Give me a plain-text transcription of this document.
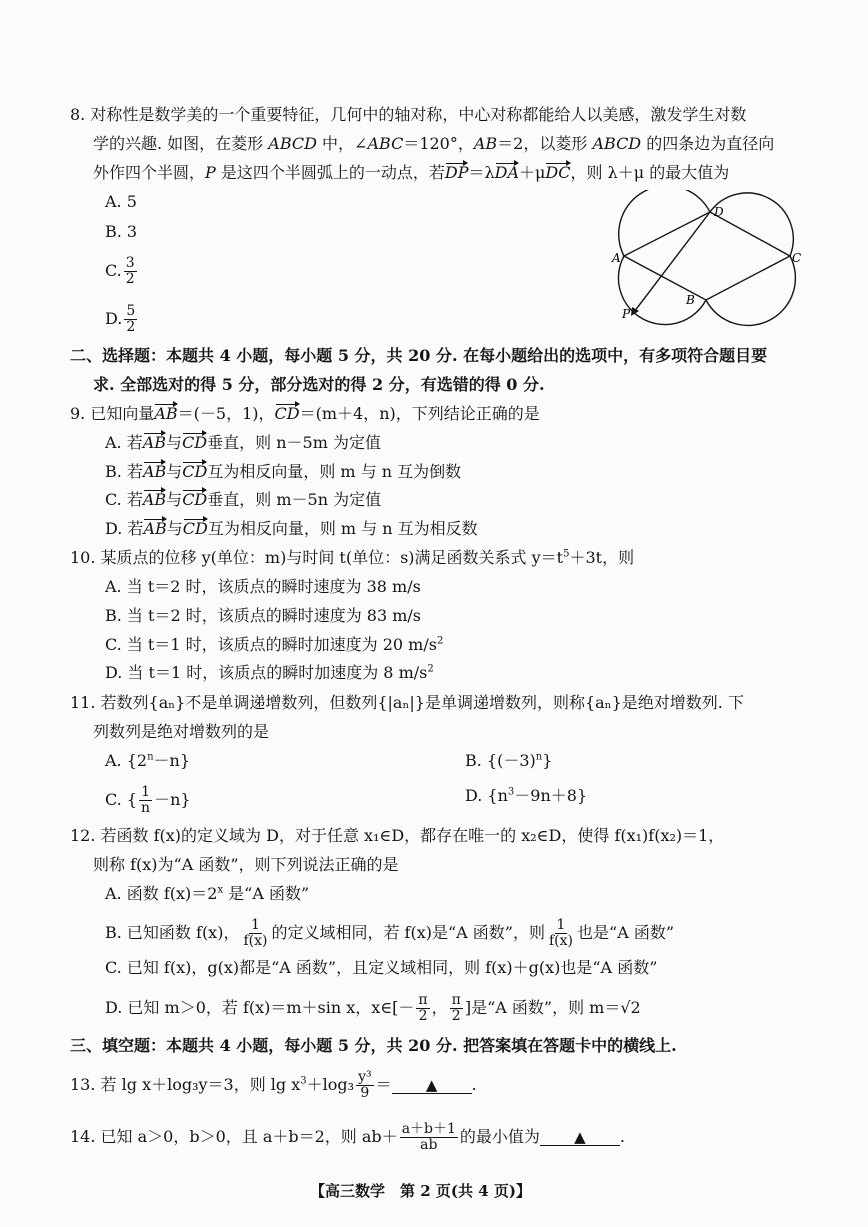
8. 对称性是数学美的一个重要特征，几何中的轴对称，中心对称都能给人以美感，激发学生对数
学的兴趣. 如图，在菱形 ABCD 中，∠ABC＝120°，AB＝2，以菱形 ABCD 的四条边为直径向
外作四个半圆，P 是这四个半圆弧上的一动点，若DP＝λDA＋μDC，则 λ＋μ 的最大值为
A. 5
B. 3
C. $\frac{3}{2}$
D. $\frac{5}{2}$
A
D
C
B
P
二、选择题：本题共 4 小题，每小题 5 分，共 20 分. 在每小题给出的选项中，有多项符合题目要
求. 全部选对的得 5 分，部分选对的得 2 分，有选错的得 0 分.
9. 已知向量AB＝(－5，1)，CD＝(m＋4，n)，下列结论正确的是
A. 若AB与CD垂直，则 n－5m 为定值
B. 若AB与CD互为相反向量，则 m 与 n 互为倒数
C. 若AB与CD垂直，则 m－5n 为定值
D. 若AB与CD互为相反向量，则 m 与 n 互为相反数
10. 某质点的位移 y(单位：m)与时间 t(单位：s)满足函数关系式 $y=t^5+3t$，则
A. 当 t＝2 时，该质点的瞬时速度为 38 m/s
B. 当 t＝2 时，该质点的瞬时速度为 83 m/s
C. 当 t＝1 时，该质点的瞬时加速度为 20 $m/s^2$
D. 当 t＝1 时，该质点的瞬时加速度为 8 $m/s^2$
11. 若数列{aₙ}不是单调递增数列，但数列{|aₙ|}是单调递增数列，则称{aₙ}是绝对增数列. 下
列数列是绝对增数列的是
A. $\{2^n-n\}$	B. $\{(-3)^n\}$
C. { $\frac{1}{n} -n$}	D. $\{n^3-9n+8\}$
12. 若函数 f(x)的定义域为 D，对于任意 x₁∈D，都存在唯一的 x₂∈D，使得 f(x₁)f(x₂)＝1，
则称 f(x)为“A 函数”，则下列说法正确的是
A. 函数 $f(x)=2^x$ 是“A 函数”
B. 已知函数 f(x)， $\frac{1}{f(x)}$ 的定义域相同，若 f(x)是“A 函数”，则 $\frac{1}{f(x)}$ 也是“A 函数”
C. 已知 f(x)，g(x)都是“A 函数”，且定义域相同，则 f(x)＋g(x)也是“A 函数”
D. 已知 m＞0，若 f(x)＝m＋sin x，x∈[－ $\frac{\pi}{2}$ ， $\frac{\pi}{2}$ ]是“A 函数”，则 m＝√2
三、填空题：本题共 4 小题，每小题 5 分，共 20 分. 把答案填在答题卡中的横线上.
13. 若 lg x＋log₃y＝3，则 $\lg x^3+\log_3 \frac{\text{y³}}{9}$ ＝ ▲ .
14. 已知 a＞0，b＞0，且 a＋b＝2，则 $ab+ \frac{a+b+1}{ab}$ 的最小值为 ▲ .
【高三数学　第 2 页(共 4 页)】
